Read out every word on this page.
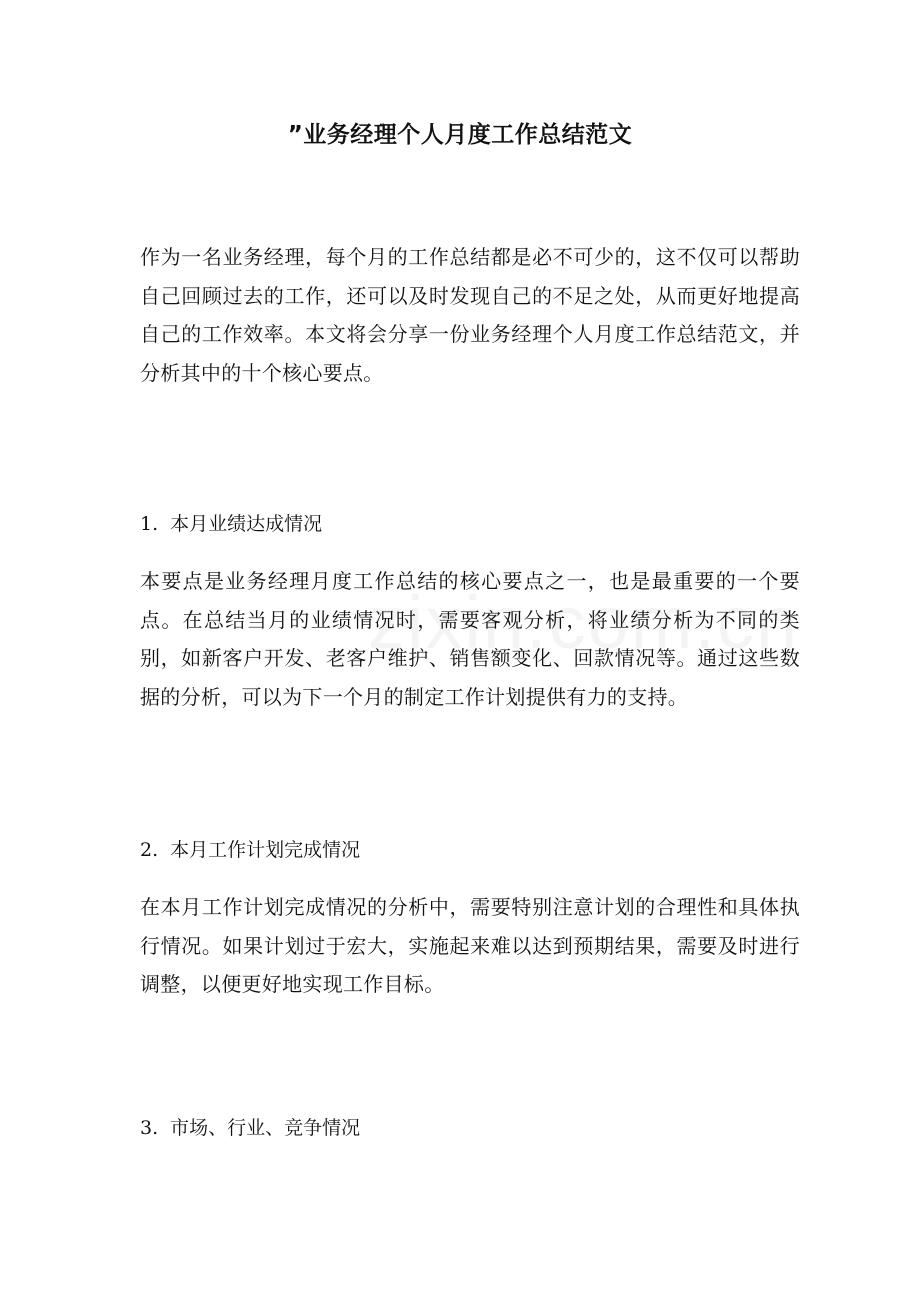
”业务经理个人月度工作总结范文

作为一名业务经理，每个月的工作总结都是必不可少的，这不仅可以帮助自己回顾过去的工作，还可以及时发现自己的不足之处，从而更好地提高自己的工作效率。本文将会分享一份业务经理个人月度工作总结范文，并分析其中的十个核心要点。

1. 本月业绩达成情况

本要点是业务经理月度工作总结的核心要点之一，也是最重要的一个要点。在总结当月的业绩情况时，需要客观分析，将业绩分析为不同的类别，如新客户开发、老客户维护、销售额变化、回款情况等。通过这些数据的分析，可以为下一个月的制定工作计划提供有力的支持。

2. 本月工作计划完成情况

在本月工作计划完成情况的分析中，需要特别注意计划的合理性和具体执行情况。如果计划过于宏大，实施起来难以达到预期结果，需要及时进行调整，以便更好地实现工作目标。

3. 市场、行业、竞争情况
